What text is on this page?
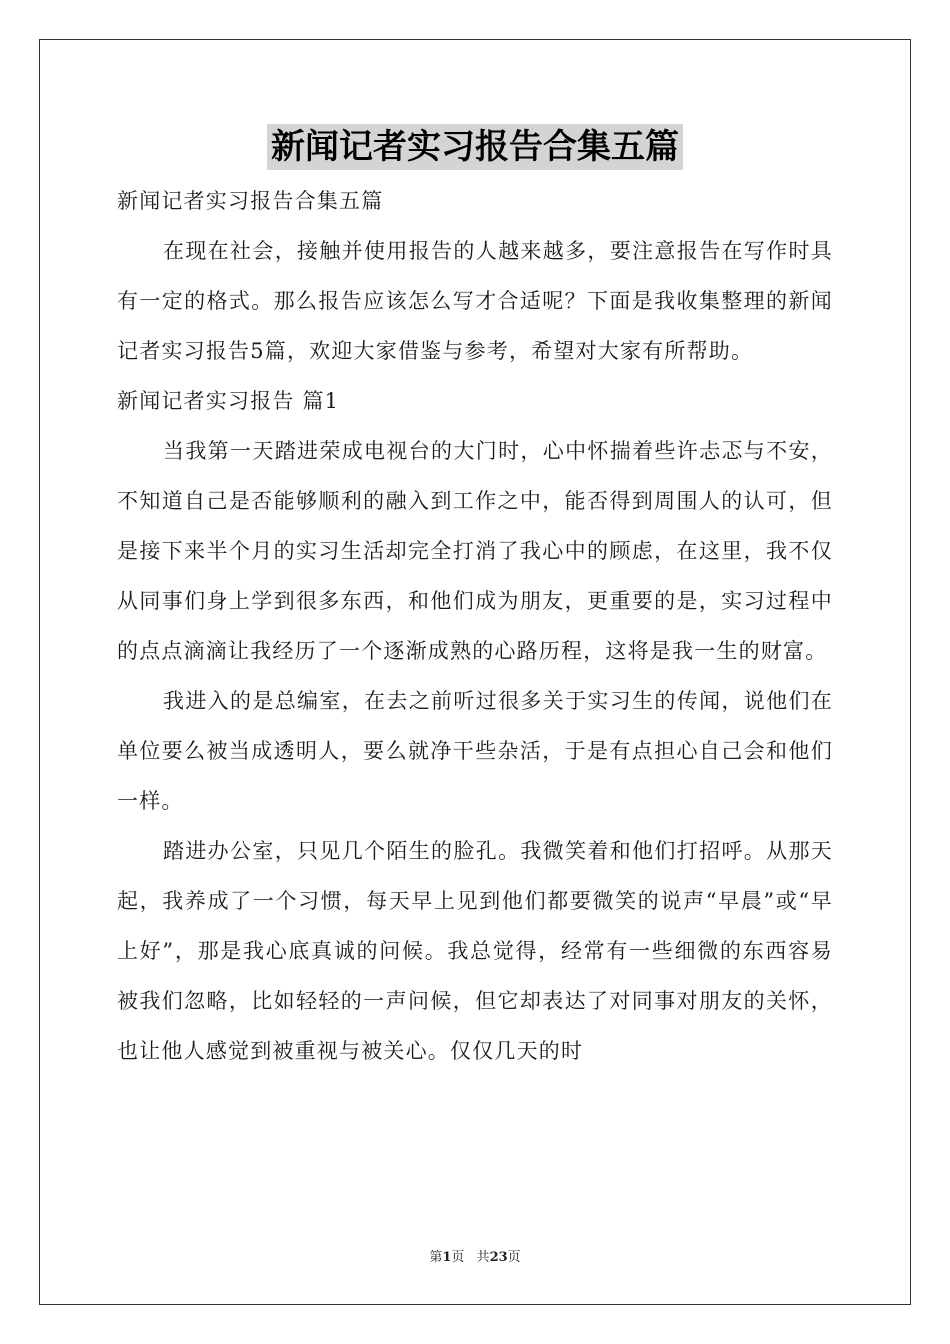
新闻记者实习报告合集五篇

新闻记者实习报告合集五篇

在现在社会，接触并使用报告的人越来越多，要注意报告在写作时具有一定的格式。那么报告应该怎么写才合适呢？下面是我收集整理的新闻记者实习报告5篇，欢迎大家借鉴与参考，希望对大家有所帮助。

新闻记者实习报告 篇1

当我第一天踏进荣成电视台的大门时，心中怀揣着些许忐忑与不安，不知道自己是否能够顺利的融入到工作之中，能否得到周围人的认可，但是接下来半个月的实习生活却完全打消了我心中的顾虑，在这里，我不仅从同事们身上学到很多东西，和他们成为朋友，更重要的是，实习过程中的点点滴滴让我经历了一个逐渐成熟的心路历程，这将是我一生的财富。

我进入的是总编室，在去之前听过很多关于实习生的传闻，说他们在单位要么被当成透明人，要么就净干些杂活，于是有点担心自己会和他们一样。

踏进办公室，只见几个陌生的脸孔。我微笑着和他们打招呼。从那天起，我养成了一个习惯，每天早上见到他们都要微笑的说声“早晨”或“早上好”，那是我心底真诚的问候。我总觉得，经常有一些细微的东西容易被我们忽略，比如轻轻的一声问候，但它却表达了对同事对朋友的关怀，也让他人感觉到被重视与被关心。仅仅几天的时

第1页 共23页
